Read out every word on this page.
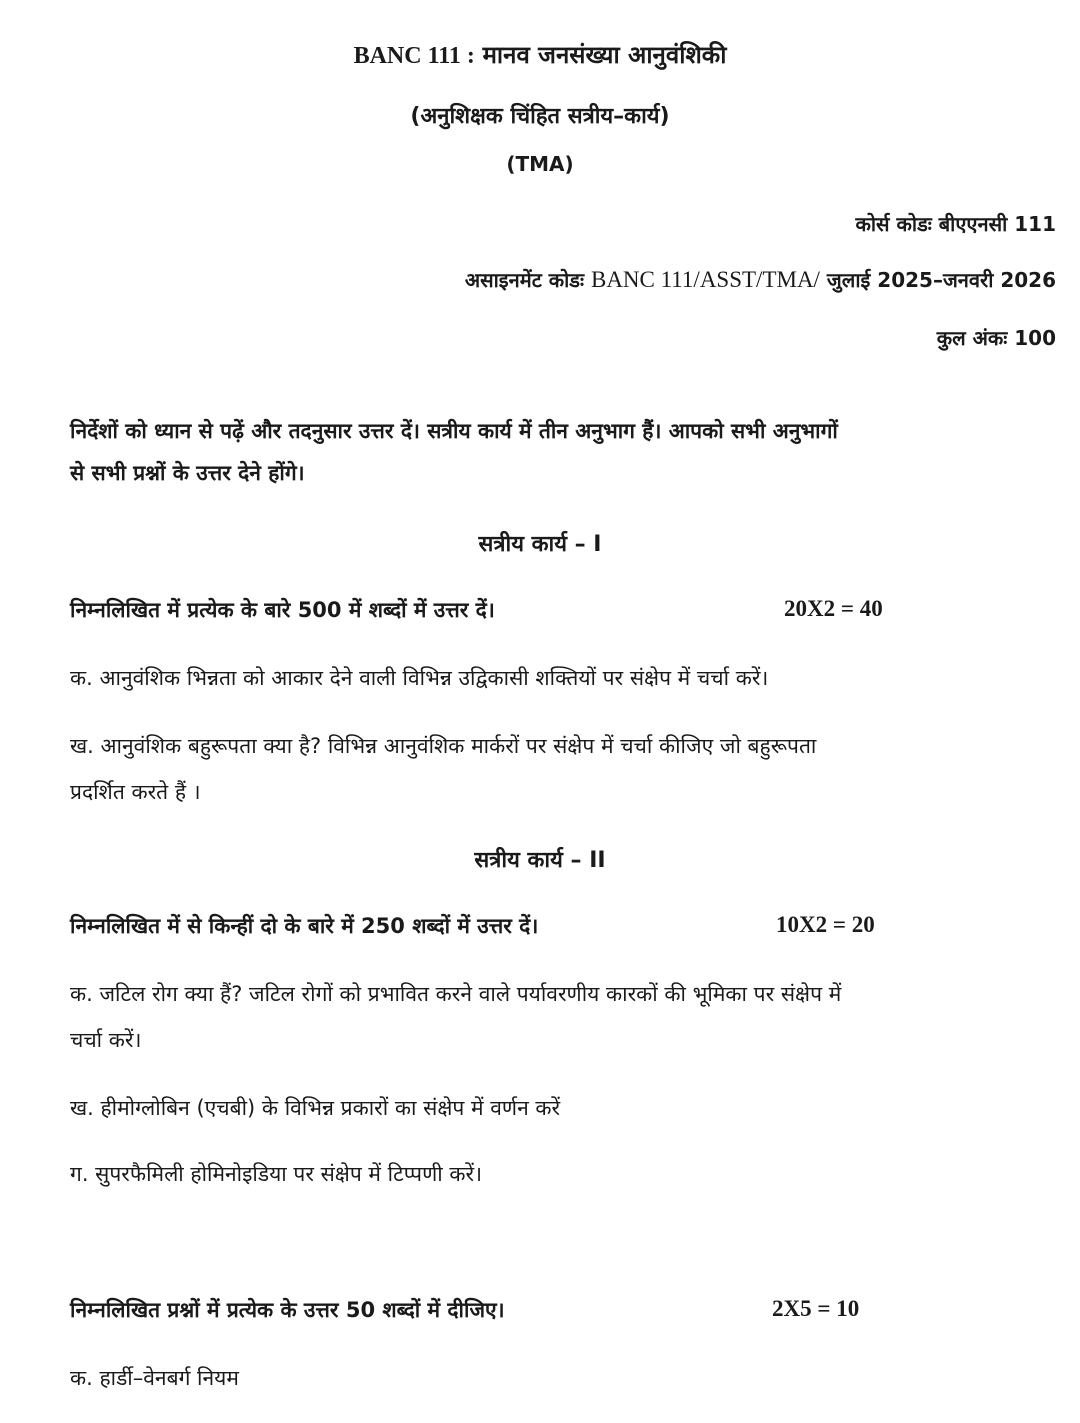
BANC 111 : मानव जनसंख्या आनुवंशिकी
(अनुशिक्षक चिंहित सत्रीय–कार्य)
(TMA)
कोर्स कोडः बीएएनसी 111
असाइनमेंट कोडः BANC 111/ASST/TMA/ जुलाई 2025–जनवरी 2026
कुल अंकः 100
निर्देशों को ध्यान से पढ़ें और तदनुसार उत्तर दें। सत्रीय कार्य में तीन अनुभाग हैं। आपको सभी अनुभागों
से सभी प्रश्नों के उत्तर देने होंगे।
सत्रीय कार्य – I
निम्नलिखित में प्रत्येक के बारे 500 में शब्दों में उत्तर दें।	20X2 = 40
क. आनुवंशिक भिन्नता को आकार देने वाली विभिन्न उद्विकासी शक्तियों पर संक्षेप में चर्चा करें।
ख. आनुवंशिक बहुरूपता क्या है? विभिन्न आनुवंशिक मार्करों पर संक्षेप में चर्चा कीजिए जो बहुरूपता
प्रदर्शित करते हैं ।
सत्रीय कार्य – II
निम्नलिखित में से किन्हीं दो के बारे में 250 शब्दों में उत्तर दें।	10X2 = 20
क. जटिल रोग क्या हैं? जटिल रोगों को प्रभावित करने वाले पर्यावरणीय कारकों की भूमिका पर संक्षेप में
चर्चा करें।
ख. हीमोग्लोबिन (एचबी) के विभिन्न प्रकारों का संक्षेप में वर्णन करें
ग. सुपरफैमिली होमिनोइडिया पर संक्षेप में टिप्पणी करें।
निम्नलिखित प्रश्नों में प्रत्येक के उत्तर 50 शब्दों में दीजिए।	2X5 = 10
क. हार्डी–वेनबर्ग नियम
